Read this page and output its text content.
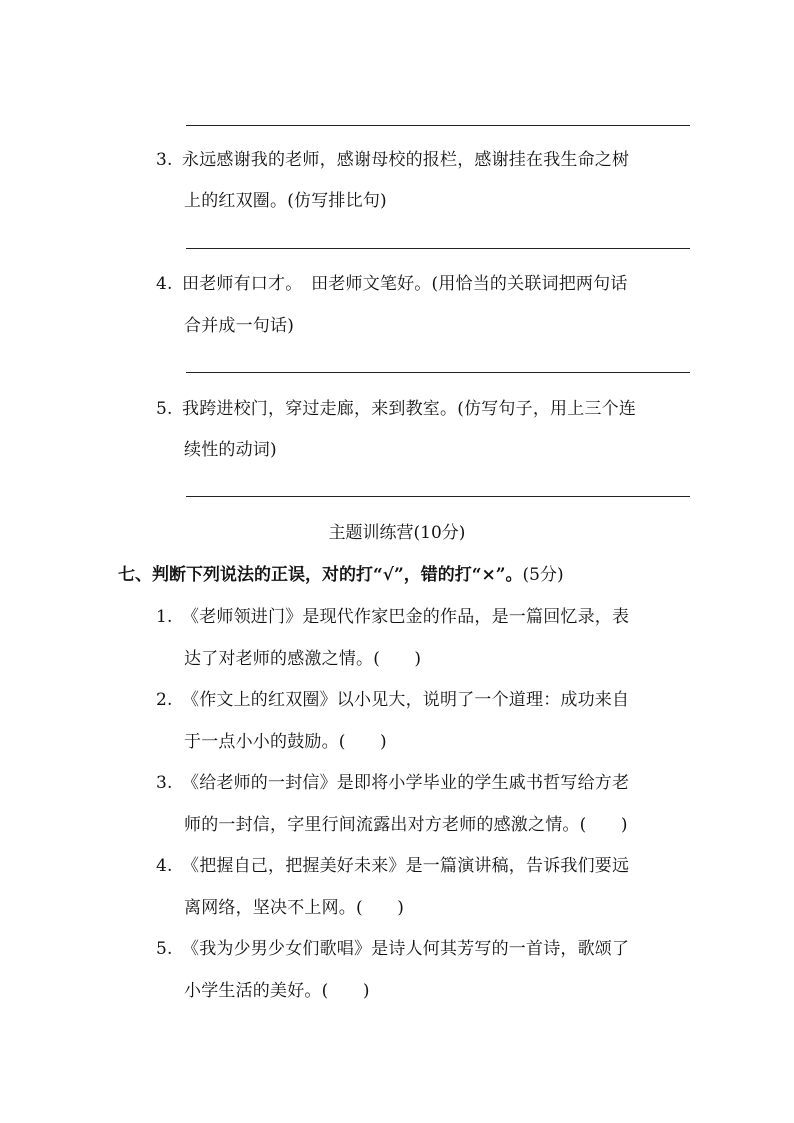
3. 永远感谢我的老师，感谢母校的报栏，感谢挂在我生命之树
上的红双圈。(仿写排比句)
4. 田老师有口才。　田老师文笔好。(用恰当的关联词把两句话
合并成一句话)
5. 我跨进校门，穿过走廊，来到教室。(仿写句子，用上三个连
续性的动词)
主题训练营(10分)
七、判断下列说法的正误，对的打“√”，错的打“×”。(5分)
1. 《老师领进门》是现代作家巴金的作品，是一篇回忆录，表
达了对老师的感激之情。(　　)
2. 《作文上的红双圈》以小见大，说明了一个道理：成功来自
于一点小小的鼓励。(　　)
3. 《给老师的一封信》是即将小学毕业的学生戚书哲写给方老
师的一封信，字里行间流露出对方老师的感激之情。(　　)
4. 《把握自己，把握美好未来》是一篇演讲稿，告诉我们要远
离网络，坚决不上网。(　　)
5. 《我为少男少女们歌唱》是诗人何其芳写的一首诗，歌颂了
小学生活的美好。(　　)
